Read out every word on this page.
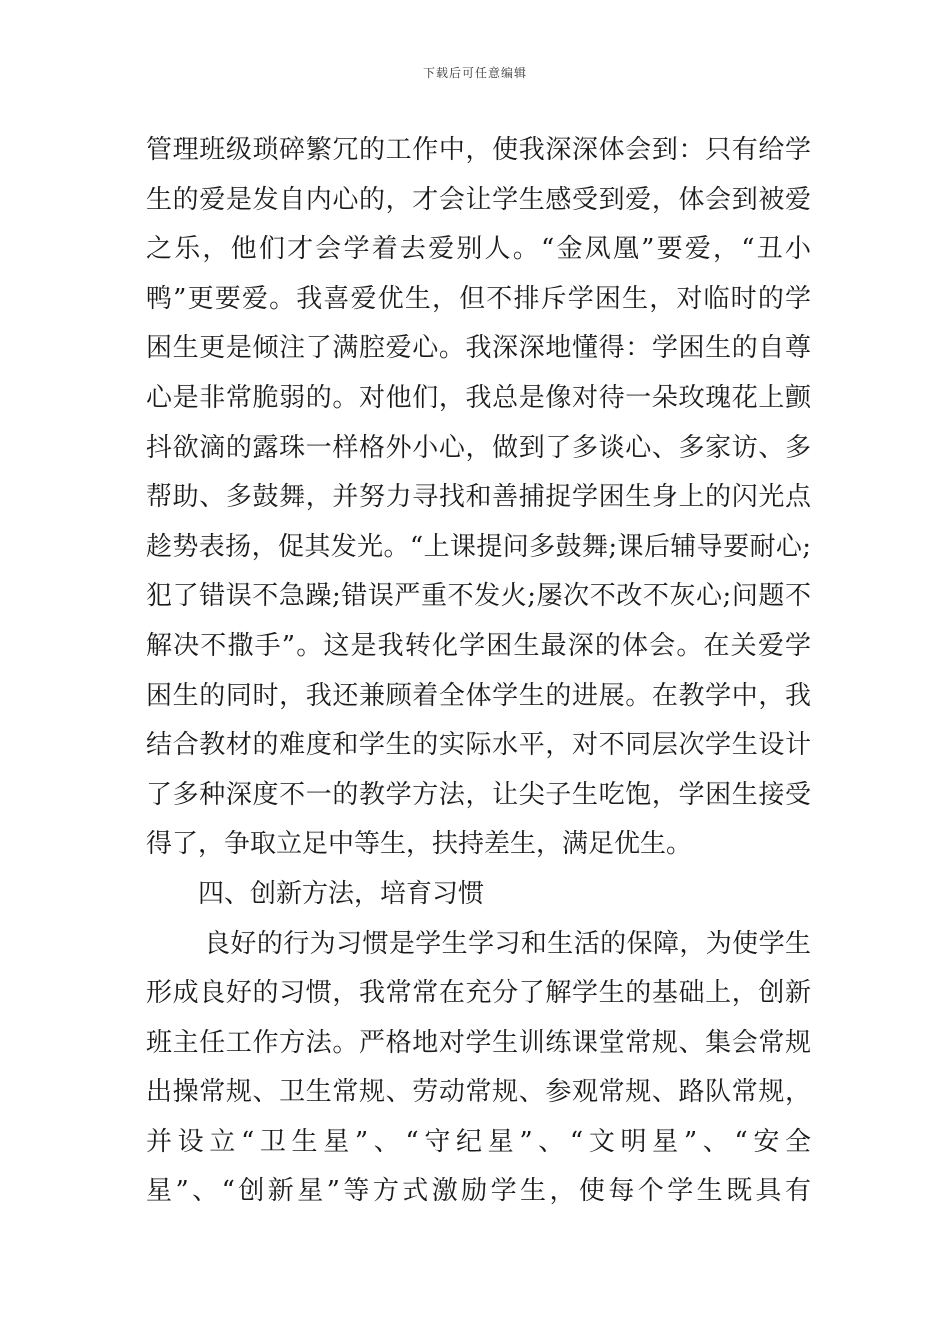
下载后可任意编辑
管理班级琐碎繁冗的工作中，使我深深体会到：只有给学
生的爱是发自内心的，才会让学生感受到爱，体会到被爱
之乐，他们才会学着去爱别人。“金凤凰”要爱，“丑小
鸭”更要爱。我喜爱优生，但不排斥学困生，对临时的学
困生更是倾注了满腔爱心。我深深地懂得：学困生的自尊
心是非常脆弱的。对他们，我总是像对待一朵玫瑰花上颤
抖欲滴的露珠一样格外小心，做到了多谈心、多家访、多
帮助、多鼓舞，并努力寻找和善捕捉学困生身上的闪光点
趁势表扬，促其发光。“上课提问多鼓舞;课后辅导要耐心;
犯了错误不急躁;错误严重不发火;屡次不改不灰心;问题不
解决不撒手”。这是我转化学困生最深的体会。在关爱学
困生的同时，我还兼顾着全体学生的进展。在教学中，我
结合教材的难度和学生的实际水平，对不同层次学生设计
了多种深度不一的教学方法，让尖子生吃饱，学困生接受
得了，争取立足中等生，扶持差生，满足优生。
四、创新方法，培育习惯
良好的行为习惯是学生学习和生活的保障，为使学生
形成良好的习惯，我常常在充分了解学生的基础上，创新
班主任工作方法。严格地对学生训练课堂常规、集会常规
出操常规、卫生常规、劳动常规、参观常规、路队常规，
并设立“卫生星”、“守纪星”、“文明星”、“安全
星”、“创新星”等方式激励学生，使每个学生既具有
